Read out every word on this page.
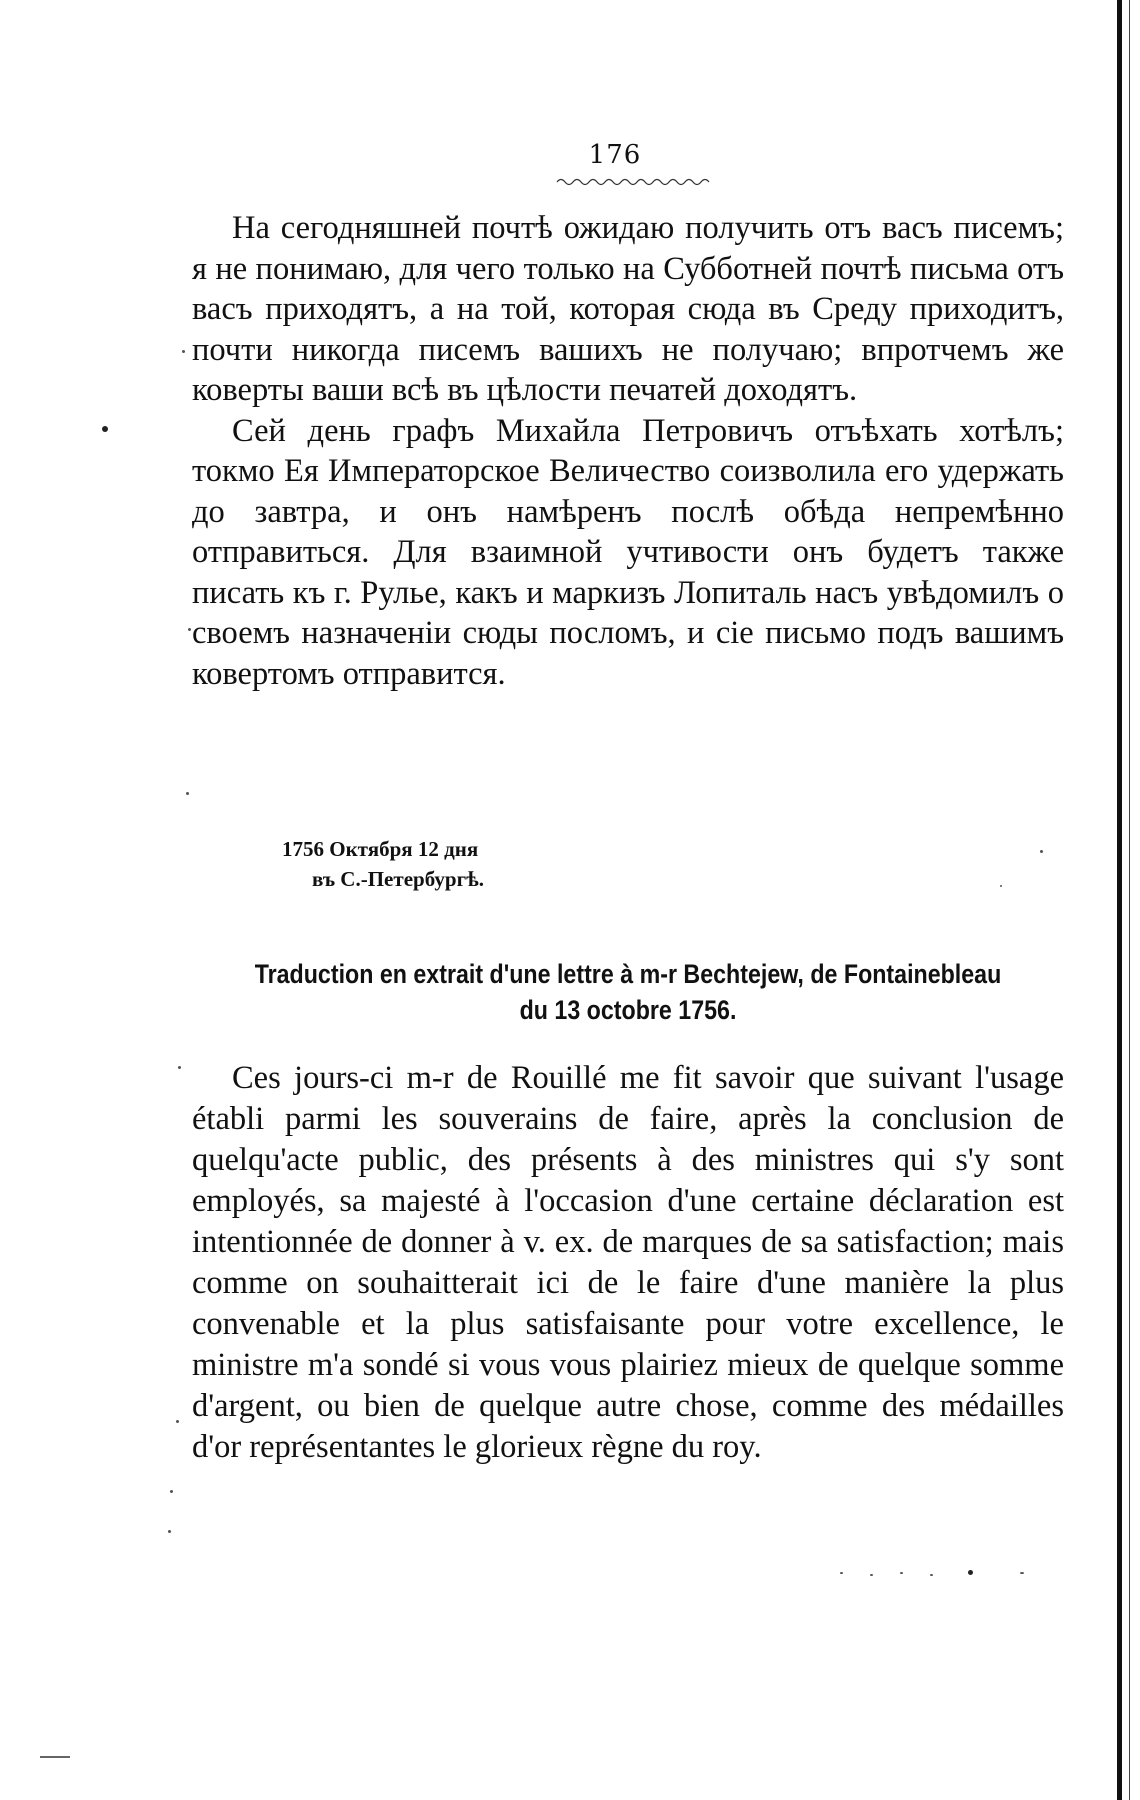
176

На сегодняшней почтѣ ожидаю получить отъ васъ писемъ; я не понимаю, для чего только на Субботней почтѣ письма отъ васъ приходятъ, а на той, которая сюда въ Среду приходитъ, почти никогда писемъ вашихъ не получаю; впротчемъ же коверты ваши всѣ въ цѣлости печатей доходятъ.

Сей день графъ Михайла Петровичъ отъѣхать хотѣлъ; токмо Ея Императорское Величество соизволила его удержать до завтра, и онъ намѣренъ послѣ обѣда непремѣнно отправиться. Для взаимной учтивости онъ будетъ также писать къ г. Рулье, какъ и маркизъ Лопиталь насъ увѣдомилъ о своемъ назначенiи сюды посломъ, и сiе письмо подъ вашимъ ковертомъ отправится.

1756 Октября 12 дня
въ С.-Петербургѣ.
Traduction en extrait d'une lettre à m-r Bechtejew, de Fontainebleau du 13 octobre 1756.

Ces jours-ci m-r de Rouillé me fit savoir que suivant l'usage établi parmi les souverains de faire, après la conclusion de quelqu'acte public, des présents à des ministres qui s'y sont employés, sa majesté à l'occasion d'une certaine déclaration est intentionnée de donner à v. ex. de marques de sa satisfaction; mais comme on souhaitterait ici de le faire d'une manière la plus convenable et la plus satisfaisante pour votre excellence, le ministre m'a sondé si vous vous plairiez mieux de quelque somme d'argent, ou bien de quelque autre chose, comme des médailles d'or représentantes le glorieux règne du roy.
